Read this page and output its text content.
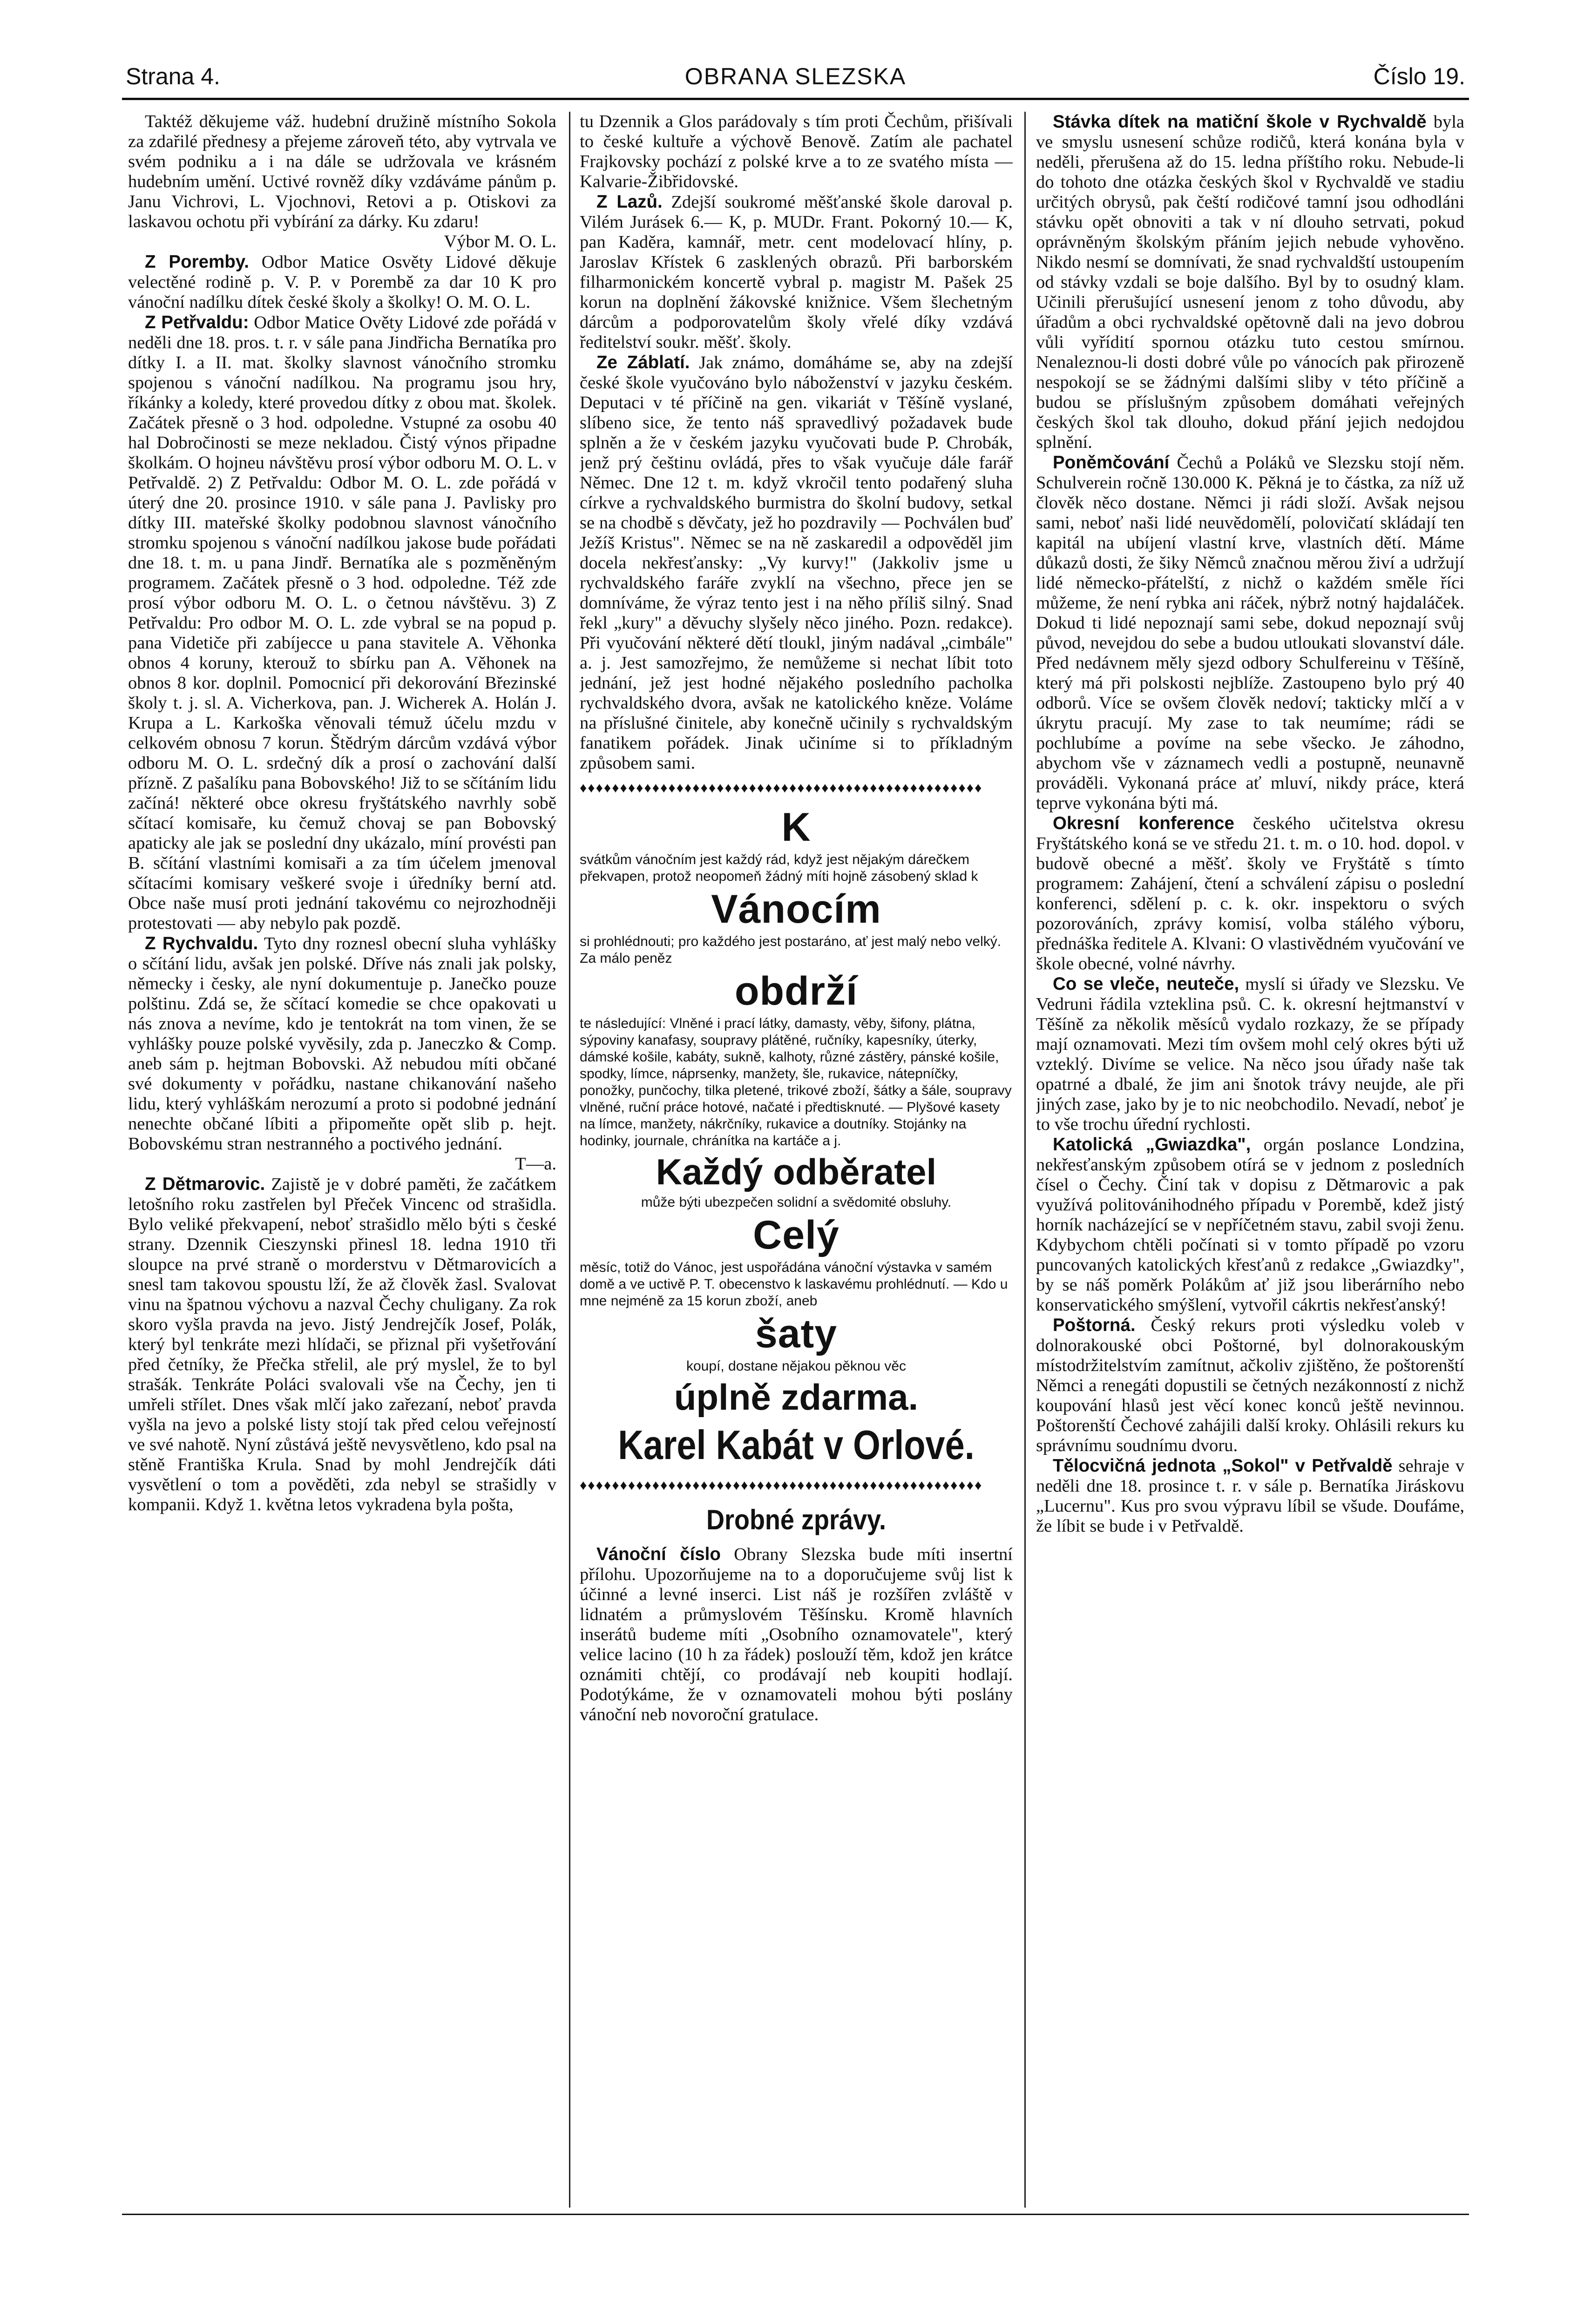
Strana 4.	OBRANA SLEZSKA	Číslo 19.

Taktéž děkujeme váž. hudební družině místního Sokola za zdařilé přednesy a přejeme zároveň této, aby vytrvala ve svém podniku a i na dále se udržovala ve krásném hudebním umění. Uctivé rovněž díky vzdáváme pánům p. Janu Vichrovi, L. Vjochnovi, Retovi a p. Otiskovi za laskavou ochotu při vybírání za dárky. Ku zdaru!

Výbor M. O. L.

Z Poremby. Odbor Matice Osvěty Lidové děkuje velectěné rodině p. V. P. v Porembě za dar 10 K pro vánoční nadílku dítek české školy a školky! O. M. O. L.

Z Petřvaldu: Odbor Matice Ověty Lidové zde pořádá v neděli dne 18. pros. t. r. v sále pana Jindřicha Bernatíka pro dítky I. a II. mat. školky slavnost vánočního stromku spojenou s vánoční nadílkou. Na programu jsou hry, říkánky a koledy, které provedou dítky z obou mat. školek. Začátek přesně o 3 hod. odpoledne. Vstupné za osobu 40 hal Dobročinosti se meze nekladou. Čistý výnos připadne školkám. O hojneu návštěvu prosí výbor odboru M. O. L. v Petřvaldě. 2) Z Petřvaldu: Odbor M. O. L. zde pořádá v úterý dne 20. prosince 1910. v sále pana J. Pavlisky pro dítky III. mateřské školky podobnou slavnost vánočního stromku spojenou s vánoční nadílkou jakose bude pořádati dne 18. t. m. u pana Jindř. Bernatíka ale s pozměněným programem. Začátek přesně o 3 hod. odpoledne. Též zde prosí výbor odboru M. O. L. o četnou návštěvu. 3) Z Petřvaldu: Pro odbor M. O. L. zde vybral se na popud p. pana Videtiče při zabíjecce u pana stavitele A. Věhonka obnos 4 koruny, kterouž to sbírku pan A. Věhonek na obnos 8 kor. doplnil. Pomocnicí při dekorování Březinské školy t. j. sl. A. Vicherkova, pan. J. Wicherek A. Holán J. Krupa a L. Karkoška věnovali témuž účelu mzdu v celkovém obnosu 7 korun. Štědrým dárcům vzdává výbor odboru M. O. L. srdečný dík a prosí o zachování další přízně. Z pašalíku pana Bobovského! Již to se sčítáním lidu začíná! některé obce okresu fryštátského navrhly sobě sčítací komisaře, ku čemuž chovaj se pan Bobovský apaticky ale jak se poslední dny ukázalo, míní provésti pan B. sčítání vlastními komisaři a za tím účelem jmenoval sčítacími komisary veškeré svoje i úředníky berní atd. Obce naše musí proti jednání takovému co nejrozhodněji protestovati — aby nebylo pak pozdě.

Z Rychvaldu. Tyto dny roznesl obecní sluha vyhlášky o sčítání lidu, avšak jen polské. Dříve nás znali jak polsky, německy i česky, ale nyní dokumentuje p. Janečko pouze polštinu. Zdá se, že sčítací komedie se chce opakovati u nás znova a nevíme, kdo je tentokrát na tom vinen, že se vyhlášky pouze polské vyvěsily, zda p. Janeczko & Comp. aneb sám p. hejtman Bobovski. Až nebudou míti občané své dokumenty v pořádku, nastane chikanování našeho lidu, který vyhláškám nerozumí a proto si podobné jednání nenechte občané líbiti a připomeňte opět slib p. hejt. Bobovskému stran nestranného a poctivého jednání.

T—a.

Z Dětmarovic. Zajistě je v dobré paměti, že začátkem letošního roku zastřelen byl Přeček Vincenc od strašidla. Bylo veliké překvapení, neboť strašidlo mělo býti s české strany. Dzennik Cieszynski přinesl 18. ledna 1910 tři sloupce na prvé straně o morderstvu v Dětmarovicích a snesl tam takovou spoustu lží, že až člověk žasl. Svalovat vinu na špatnou výchovu a nazval Čechy chuligany. Za rok skoro vyšla pravda na jevo. Jistý Jendrejčík Josef, Polák, který byl tenkráte mezi hlídači, se přiznal při vyšetřování před četníky, že Přečka střelil, ale prý myslel, že to byl strašák. Tenkráte Poláci svalovali vše na Čechy, jen ti umřeli střílet. Dnes však mlčí jako zařezaní, neboť pravda vyšla na jevo a polské listy stojí tak před celou veřejností ve své nahotě. Nyní zůstává ještě nevysvětleno, kdo psal na stěně Františka Krula. Snad by mohl Jendrejčík dáti vysvětlení o tom a pověděti, zda nebyl se strašidly v kompanii. Když 1. května letos vykradena byla pošta,

tu Dzennik a Glos parádovaly s tím proti Čechům, přišívali to české kultuře a výchově Benově. Zatím ale pachatel Frajkovsky pochází z polské krve a to ze svatého místa — Kalvarie-Žibřidovské.

Z Lazů. Zdejší soukromé měšťanské škole daroval p. Vilém Jurásek 6.— K, p. MUDr. Frant. Pokorný 10.— K, pan Kaděra, kamnář, metr. cent modelovací hlíny, p. Jaroslav Křístek 6 zasklených obrazů. Při barborském filharmonickém koncertě vybral p. magistr M. Pašek 25 korun na doplnění žákovské knižnice. Všem šlechetným dárcům a podporovatelům školy vřelé díky vzdává ředitelství soukr. měšť. školy.

Ze Záblatí. Jak známo, domáháme se, aby na zdejší české škole vyučováno bylo náboženství v jazyku českém. Deputaci v té příčině na gen. vikariát v Těšíně vyslané, slíbeno sice, že tento náš spravedlivý požadavek bude splněn a že v českém jazyku vyučovati bude P. Chrobák, jenž prý češtinu ovládá, přes to však vyučuje dále farář Němec. Dne 12 t. m. když vkročil tento podařený sluha církve a rychvaldského burmistra do školní budovy, setkal se na chodbě s děvčaty, jež ho pozdravily — Pochválen buď Ježíš Kristus". Němec se na ně zaskaredil a odpověděl jim docela nekřesťansky: „Vy kurvy!" (Jakkoliv jsme u rychvaldského faráře zvyklí na všechno, přece jen se domníváme, že výraz tento jest i na něho příliš silný. Snad řekl „kury" a děvuchy slyšely něco jiného. Pozn. redakce). Při vyučování některé dětí tloukl, jiným nadával „cimbále" a. j. Jest samozřejmo, že nemůžeme si nechat líbit toto jednání, jež jest hodné nějakého posledního pacholka rychvaldského dvora, avšak ne katolického kněze. Voláme na příslušné činitele, aby konečně učinily s rychvaldským fanatikem pořádek. Jinak učiníme si to příkladným způsobem sami.

♦♦♦♦♦♦♦♦♦♦♦♦♦♦♦♦♦♦♦♦♦♦♦♦♦♦♦♦♦♦♦♦♦♦♦♦♦♦♦♦♦♦♦♦♦♦♦♦♦♦
K
svátkům vánočním jest každý rád, když jest nějakým dárečkem překvapen, protož neopomeň žádný míti hojně zásobený sklad k
Vánocím
si prohlédnouti; pro každého jest postaráno, ať jest malý nebo velký. Za málo peněz
obdrží
te následující: Vlněné i prací látky, damasty, věby, šifony, plátna, sýpoviny kanafasy, soupravy plátěné, ručníky, kapesníky, úterky, dámské košile, kabáty, sukně, kalhoty, různé zástěry, pánské košile, spodky, límce, náprsenky, manžety, šle, rukavice, nátepníčky, ponožky, punčochy, tilka pletené, trikové zboží, šátky a šále, soupravy vlněné, ruční práce hotové, načaté i předtisknuté. — Plyšové kasety na límce, manžety, nákrčníky, rukavice a doutníky. Stojánky na hodinky, journale, chránítka na kartáče a j.
Každý odběratel
může býti ubezpečen solidní a svědomité obsluhy.
Celý
měsíc, totiž do Vánoc, jest uspořádána vánoční výstavka v samém domě a ve uctivě P. T. obecenstvo k laskavému prohlédnutí. — Kdo u mne nejméně za 15 korun zboží, aneb
šaty
koupí, dostane nějakou pěknou věc
úplně zdarma.
Karel Kabát v Orlové.
♦♦♦♦♦♦♦♦♦♦♦♦♦♦♦♦♦♦♦♦♦♦♦♦♦♦♦♦♦♦♦♦♦♦♦♦♦♦♦♦♦♦♦♦♦♦♦♦♦♦
Drobné zprávy.

Vánoční číslo Obrany Slezska bude míti insertní přílohu. Upozorňujeme na to a doporučujeme svůj list k účinné a levné inserci. List náš je rozšířen zvláště v lidnatém a průmyslovém Těšínsku. Kromě hlavních inserátů budeme míti „Osobního oznamovatele", který velice lacino (10 h za řádek) poslouží těm, kdož jen krátce oznámiti chtějí, co prodávají neb koupiti hodlají. Podotýkáme, že v oznamovateli mohou býti poslány vánoční neb novoroční gratulace.

Stávka dítek na matiční škole v Rychvaldě byla ve smyslu usnesení schůze rodičů, která konána byla v neděli, přerušena až do 15. ledna příštího roku. Nebude-li do tohoto dne otázka českých škol v Rychvaldě ve stadiu určitých obrysů, pak čeští rodičové tamní jsou odhodláni stávku opět obnoviti a tak v ní dlouho setrvati, pokud oprávněným školským přáním jejich nebude vyhověno. Nikdo nesmí se domnívati, že snad rychvaldští ustoupením od stávky vzdali se boje dalšího. Byl by to osudný klam. Učinili přerušující usnesení jenom z toho důvodu, aby úřadům a obci rychvaldské opětovně dali na jevo dobrou vůli vyřídití spornou otázku tuto cestou smírnou. Nenaleznou-li dosti dobré vůle po vánocích pak přirozeně nespokojí se se žádnými dalšími sliby v této příčině a budou se příslušným způsobem domáhati veřejných českých škol tak dlouho, dokud přání jejich nedojdou splnění.

Poněmčování Čechů a Poláků ve Slezsku stojí něm. Schulverein ročně 130.000 K. Pěkná je to částka, za níž už člověk něco dostane. Němci ji rádi složí. Avšak nejsou sami, neboť naši lidé neuvědomělí, polovičatí skládají ten kapitál na ubíjení vlastní krve, vlastních dětí. Máme důkazů dosti, že šiky Němců značnou měrou živí a udržují lidé německo-přátelští, z nichž o každém směle říci můžeme, že není rybka ani ráček, nýbrž notný hajdaláček. Dokud ti lidé nepoznají sami sebe, dokud nepoznají svůj původ, nevejdou do sebe a budou utloukati slovanství dále. Před nedávnem měly sjezd odbory Schulfereinu v Těšíně, který má při polskosti nejblíže. Zastoupeno bylo prý 40 odborů. Více se ovšem člověk nedoví; takticky mlčí a v úkrytu pracují. My zase to tak neumíme; rádi se pochlubíme a povíme na sebe všecko. Je záhodno, abychom vše v záznamech vedli a postupně, neunavně prováděli. Vykonaná práce ať mluví, nikdy práce, která teprve vykonána býti má.

Okresní konference českého učitelstva okresu Fryštátského koná se ve středu 21. t. m. o 10. hod. dopol. v budově obecné a měšť. školy ve Fryštátě s tímto programem: Zahájení, čtení a schválení zápisu o poslední konferenci, sdělení p. c. k. okr. inspektoru o svých pozorováních, zprávy komisí, volba stálého výboru, přednáška ředitele A. Klvani: O vlastivědném vyučování ve škole obecné, volné návrhy.

Co se vleče, neuteče, myslí si úřady ve Slezsku. Ve Vedruni řádila vzteklina psů. C. k. okresní hejtmanství v Těšíně za několik měsíců vydalo rozkazy, že se případy mají oznamovati. Mezi tím ovšem mohl celý okres býti už vzteklý. Divíme se velice. Na něco jsou úřady naše tak opatrné a dbalé, že jim ani šnotok trávy neujde, ale při jiných zase, jako by je to nic neobchodilo. Nevadí, neboť je to vše trochu úřední rychlosti.

Katolická „Gwiazdka", orgán poslance Londzina, nekřesťanským způsobem otírá se v jednom z posledních čísel o Čechy. Činí tak v dopisu z Dětmarovic a pak využívá politovánihodného případu v Porembě, kdež jistý horník nacházející se v nepříčetném stavu, zabil svoji ženu. Kdybychom chtěli počínati si v tomto případě po vzoru puncovaných katolických křesťanů z redakce „Gwiazdky", by se náš poměrk Polákům ať již jsou liberárního nebo konservatického smýšlení, vytvořil cákrtis nekřesťanský!

Poštorná. Český rekurs proti výsledku voleb v dolnorakouské obci Poštorné, byl dolnorakouským místodržitelstvím zamítnut, ačkoliv zjištěno, že poštorenští Němci a renegáti dopustili se četných nezákonností z nichž koupování hlasů jest věcí konec konců ještě nevinnou. Poštorenští Čechové zahájili další kroky. Ohlásili rekurs ku správnímu soudnímu dvoru.

Tělocvičná jednota „Sokol" v Petřvaldě sehraje v neděli dne 18. prosince t. r. v sále p. Bernatíka Jiráskovu „Lucernu". Kus pro svou výpravu líbil se všude. Doufáme, že líbit se bude i v Petřvaldě.
